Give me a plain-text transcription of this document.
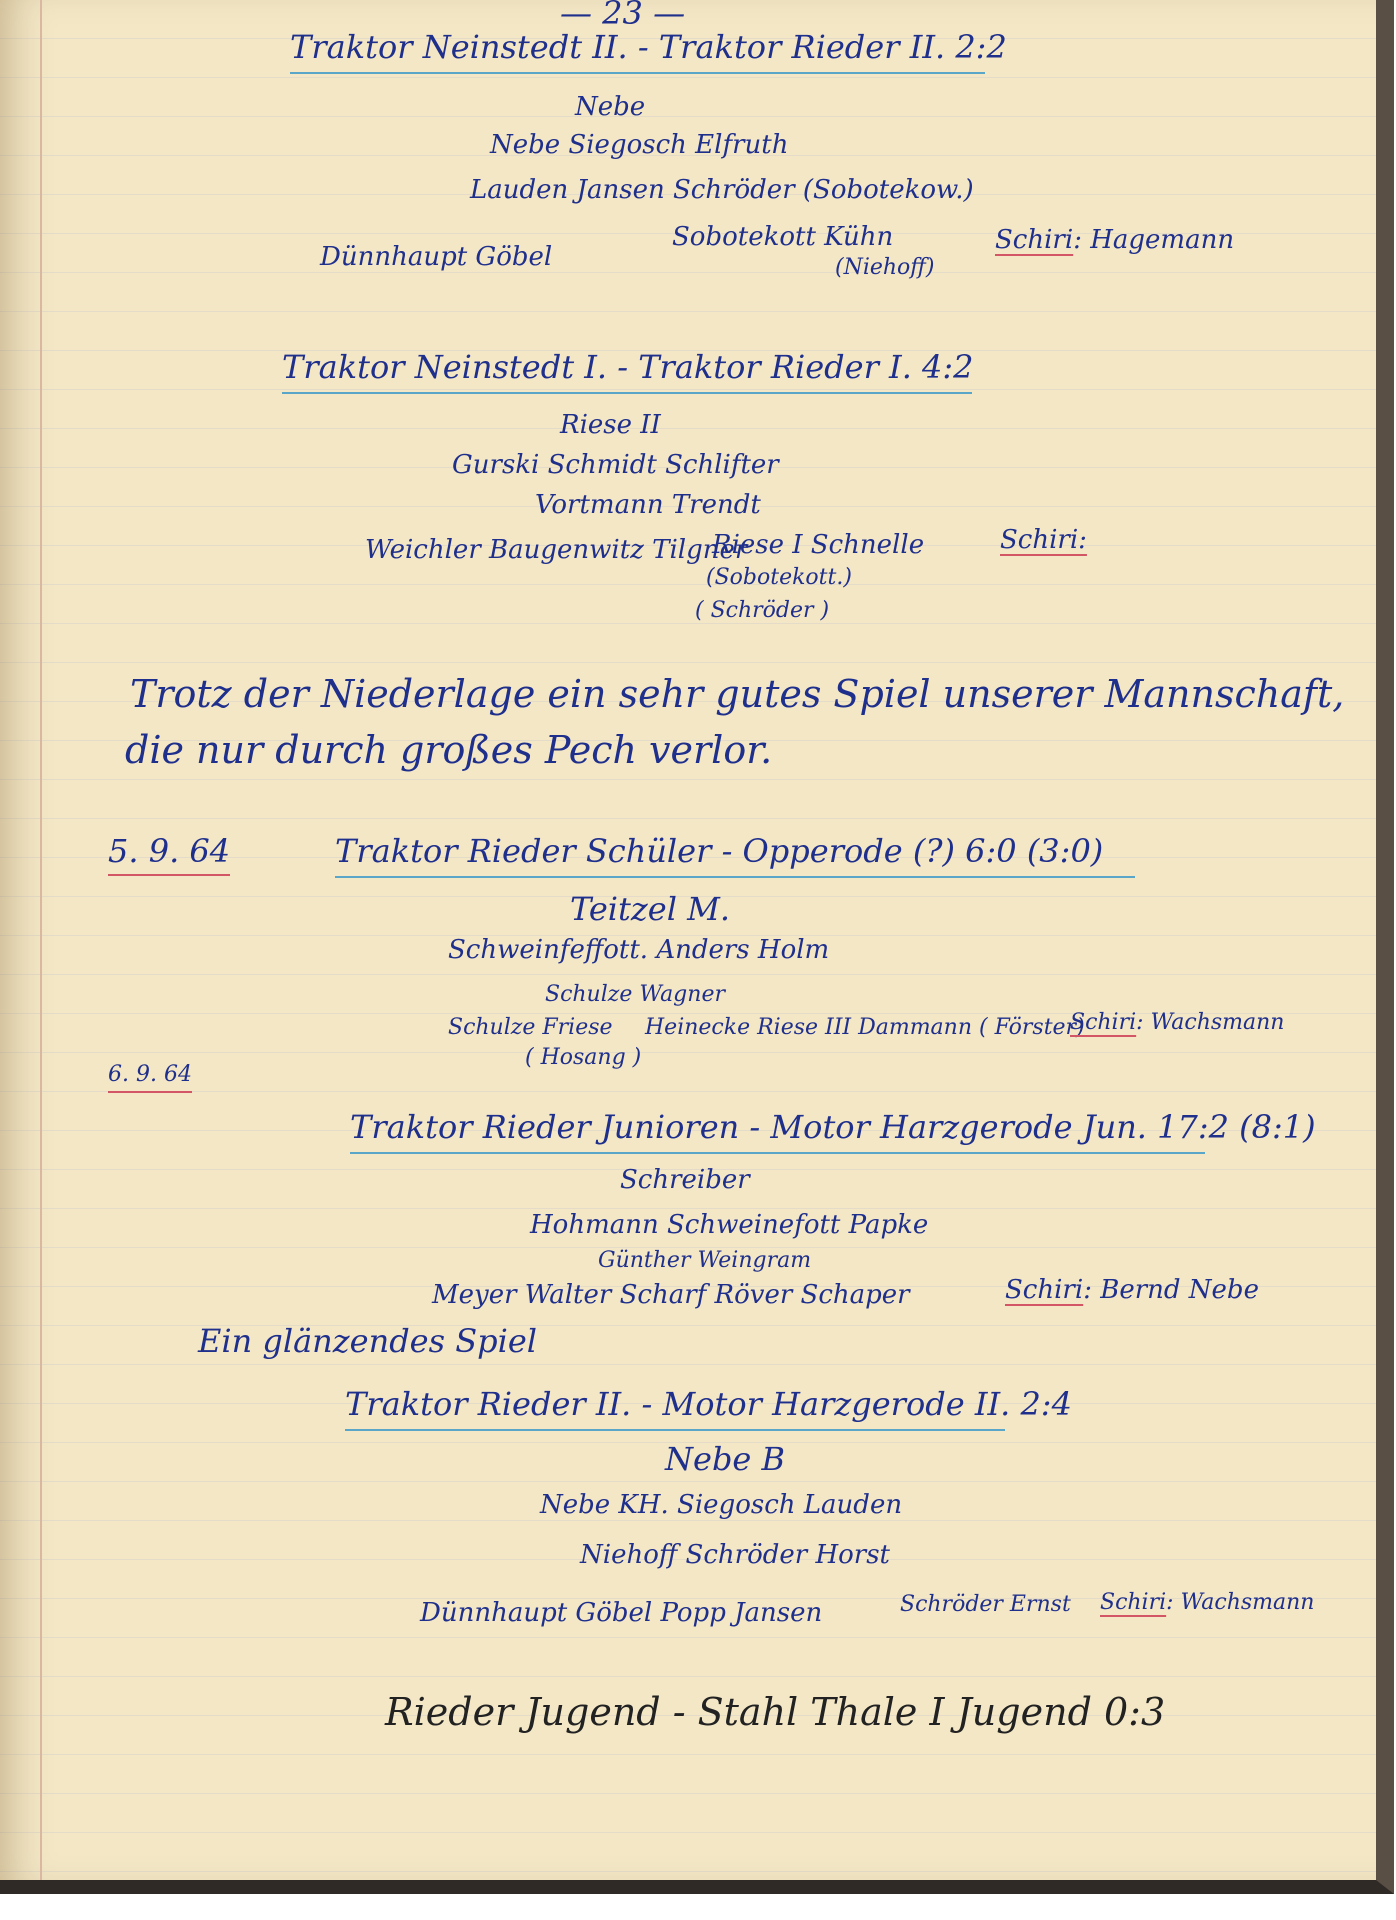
— 23 —
Traktor Neinstedt II. - Traktor Rieder II. 2:2
Nebe
Nebe Siegosch Elfruth
Lauden Jansen Schröder (Sobotekow.)
Dünnhaupt Göbel
Sobotekott Kühn
(Niehoff)
Schiri: Hagemann
Traktor Neinstedt I. - Traktor Rieder I. 4:2
Riese II
Gurski Schmidt Schlifter
Vortmann Trendt
Weichler Baugenwitz Tilgner
Riese I Schnelle
(Sobotekott.)
( Schröder )
Schiri:
Trotz der Niederlage ein sehr gutes Spiel unserer Mannschaft,
die nur durch großes Pech verlor.
5. 9. 64	Traktor Rieder Schüler - Opperode (?) 6:0 (3:0)
Teitzel M.
Schweinfeffott. Anders Holm
Schulze Wagner
Schulze Friese Heinecke Riese III Dammann ( Förster)
( Hosang )
Schiri: Wachsmann
6. 9. 64
Traktor Rieder Junioren - Motor Harzgerode Jun. 17:2 (8:1)
Schreiber
Hohmann Schweinefott Papke
Günther Weingram
Meyer Walter Scharf Röver Schaper	Schiri: Bernd Nebe
Ein glänzendes Spiel
Traktor Rieder II. - Motor Harzgerode II. 2:4
Nebe B
Nebe KH. Siegosch Lauden
Niehoff Schröder Horst
Dünnhaupt Göbel Popp Jansen	Schröder Ernst Schiri: Wachsmann
Rieder Jugend - Stahl Thale I Jugend 0:3
